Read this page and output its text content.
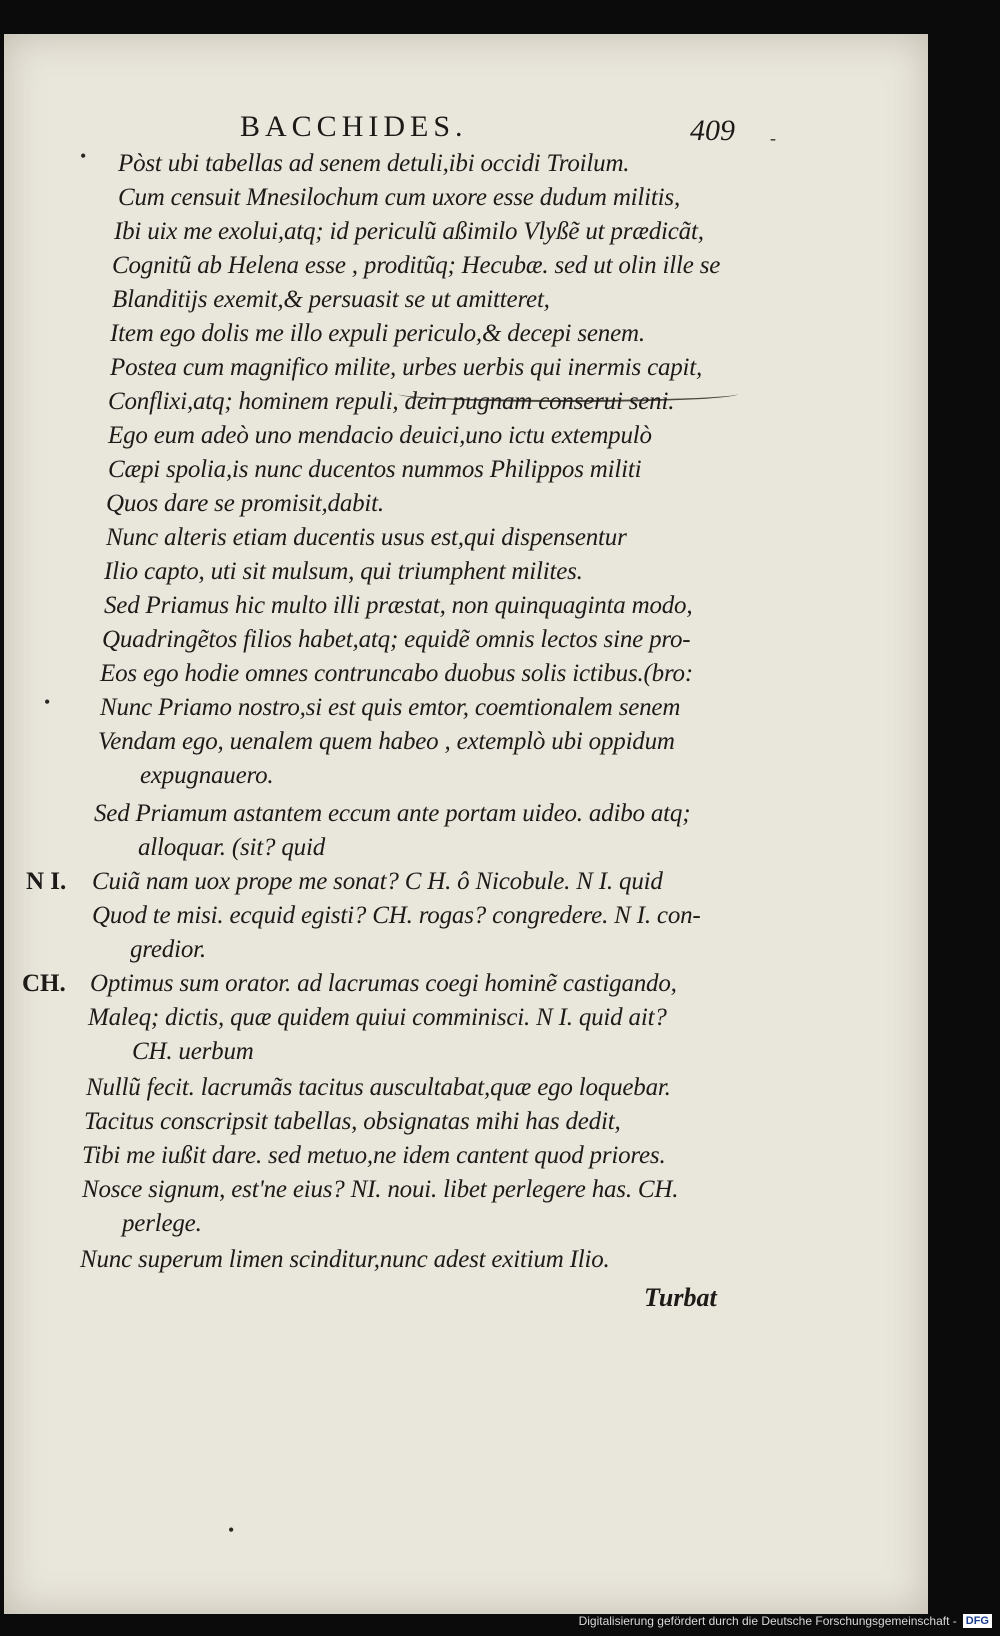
BACCHIDES.	409
•
•
-
Pòst ubi tabellas ad senem detuli,ibi occidi Troilum.
Cum censuit Mnesilochum cum uxore esse dudum militis,
Ibi uix me exolui,atq; id periculũ aßimilo Vlyßẽ ut prædicãt,
Cognitũ ab Helena esse , proditũq; Hecubæ. sed ut olin ille se
Blanditijs exemit,& persuasit se ut amitteret,
Item ego dolis me illo expuli periculo,& decepi senem.
Postea cum magnifico milite, urbes uerbis qui inermis capit,
Conflixi,atq; hominem repuli, dein pugnam conserui seni.
Ego eum adeò uno mendacio deuici,uno ictu extempulò
Cæpi spolia,is nunc ducentos nummos Philippos militi
Quos dare se promisit,dabit.
Nunc alteris etiam ducentis usus est,qui dispensentur
Ilio capto, uti sit mulsum, qui triumphent milites.
Sed Priamus hic multo illi præstat, non quinquaginta modo,
Quadringẽtos filios habet,atq; equidẽ omnis lectos sine pro-
Eos ego hodie omnes contruncabo duobus solis ictibus.(bro:
Nunc Priamo nostro,si est quis emtor, coemtionalem senem
Vendam ego, uenalem quem habeo , extemplò ubi oppidum
expugnauero.
Sed Priamum astantem eccum ante portam uideo. adibo atq;
alloquar. (sit? quid
N I. Cuiã nam uox prope me sonat? C H. ô Nicobule. N I. quid
Quod te misi. ecquid egisti? CH. rogas? congredere. N I. con-
gredior.
CH. Optimus sum orator. ad lacrumas coegi hominẽ castigando,
Maleq; dictis, quæ quidem quiui comminisci. N I. quid ait?
CH. uerbum
Nullũ fecit. lacrumãs tacitus auscultabat,quæ ego loquebar.
Tacitus conscripsit tabellas, obsignatas mihi has dedit,
Tibi me iußit dare. sed metuo,ne idem cantent quod priores.
Nosce signum, est'ne eius? NI. noui. libet perlegere has. CH.
perlege.
Nunc superum limen scinditur,nunc adest exitium Ilio.
Turbat
•
Digitalisierung gefördert durch die Deutsche Forschungsgemeinschaft - DFG
